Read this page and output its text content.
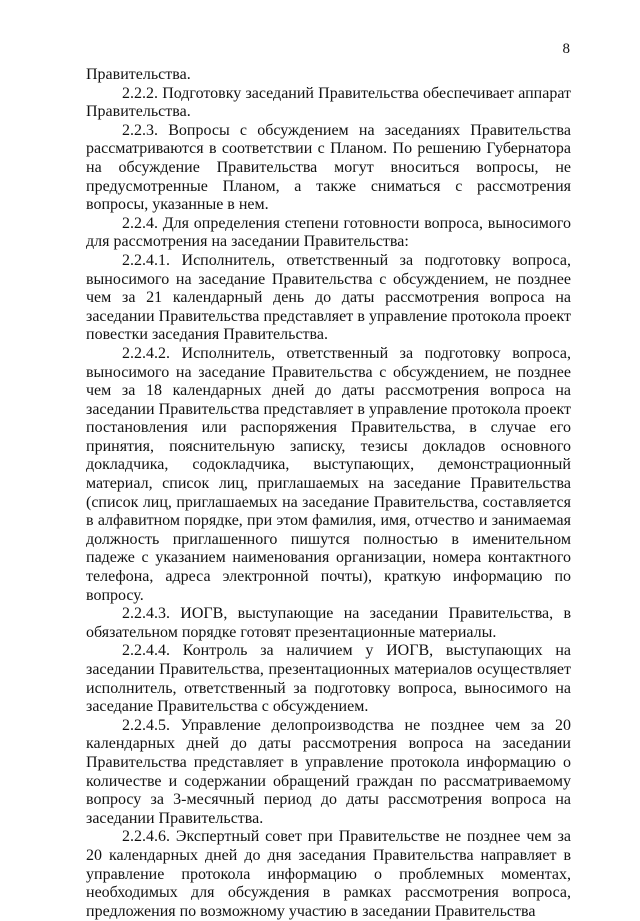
8

Правительства.

2.2.2. Подготовку заседаний Правительства обеспечивает аппарат Правительства.

2.2.3. Вопросы с обсуждением на заседаниях Правительства рассматриваются в соответствии с Планом. По решению Губернатора на обсуждение Правительства могут вноситься вопросы, не предусмотренные Планом, а также сниматься с рассмотрения вопросы, указанные в нем.

2.2.4. Для определения степени готовности вопроса, выносимого для рассмотрения на заседании Правительства:

2.2.4.1. Исполнитель, ответственный за подготовку вопроса, выносимого на заседание Правительства с обсуждением, не позднее чем за 21 календарный день до даты рассмотрения вопроса на заседании Правительства представляет в управление протокола проект повестки заседания Правительства.

2.2.4.2. Исполнитель, ответственный за подготовку вопроса, выносимого на заседание Правительства с обсуждением, не позднее чем за 18 календарных дней до даты рассмотрения вопроса на заседании Правительства представляет в управление протокола проект постановления или распоряжения Правительства, в случае его принятия, пояснительную записку, тезисы докладов основного докладчика, содокладчика, выступающих, демонстрационный материал, список лиц, приглашаемых на заседание Правительства (список лиц, приглашаемых на заседание Правительства, составляется в алфавитном порядке, при этом фамилия, имя, отчество и занимаемая должность приглашенного пишутся полностью в именительном падеже с указанием наименования организации, номера контактного телефона, адреса электронной почты), краткую информацию по вопросу.

2.2.4.3. ИОГВ, выступающие на заседании Правительства, в обязательном порядке готовят презентационные материалы.

2.2.4.4. Контроль за наличием у ИОГВ, выступающих на заседании Правительства, презентационных материалов осуществляет исполнитель, ответственный за подготовку вопроса, выносимого на заседание Правительства с обсуждением.

2.2.4.5. Управление делопроизводства не позднее чем за 20 календарных дней до даты рассмотрения вопроса на заседании Правительства представляет в управление протокола информацию о количестве и содержании обращений граждан по рассматриваемому вопросу за 3-месячный период до даты рассмотрения вопроса на заседании Правительства.

2.2.4.6. Экспертный совет при Правительстве не позднее чем за 20 календарных дней до дня заседания Правительства направляет в управление протокола информацию о проблемных моментах, необходимых для обсуждения в рамках рассмотрения вопроса, предложения по возможному участию в заседании Правительства
